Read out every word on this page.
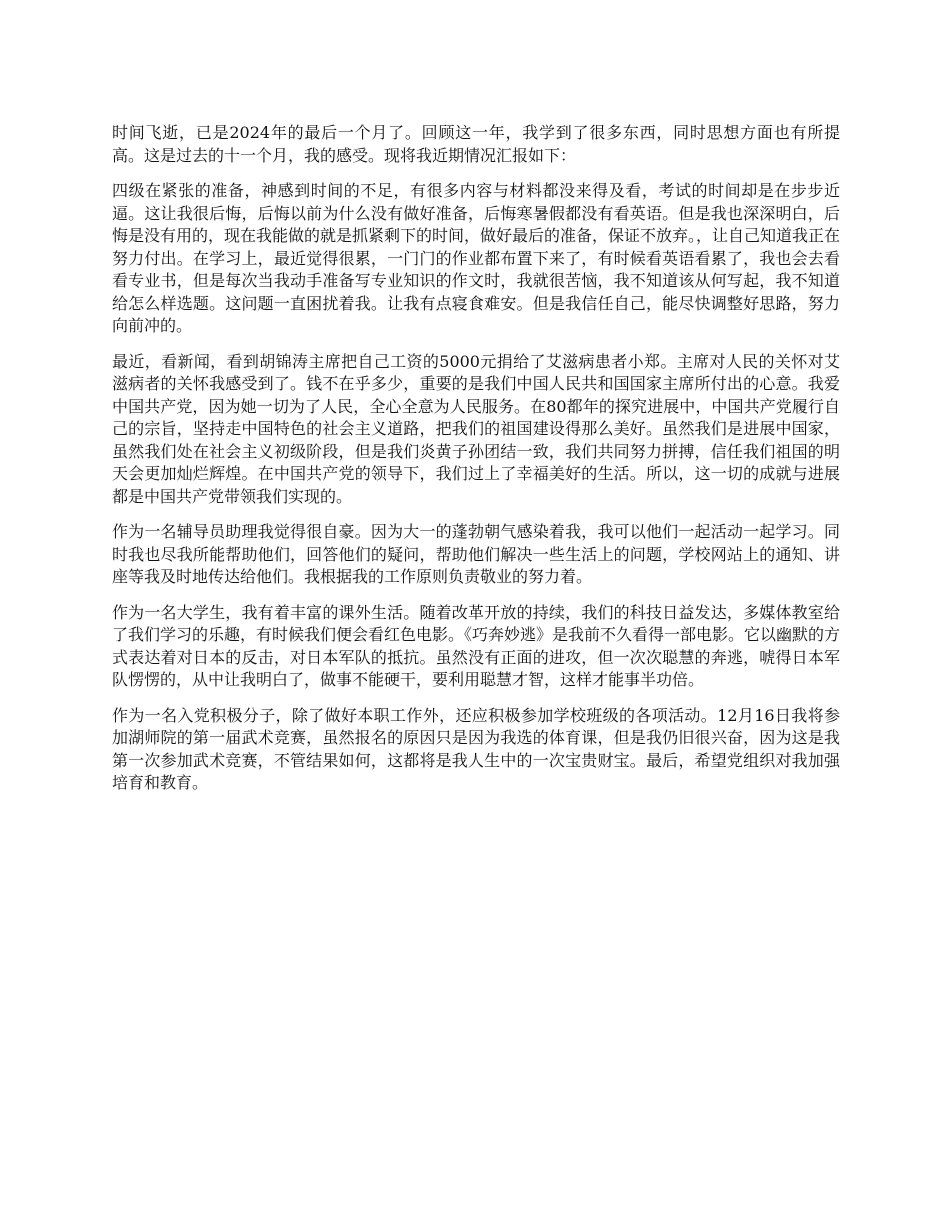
时间飞逝，已是2024年的最后一个月了。回顾这一年，我学到了很多东西，同时思想方面也有所提高。这是过去的十一个月，我的感受。现将我近期情况汇报如下：

四级在紧张的准备，神感到时间的不足，有很多内容与材料都没来得及看，考试的时间却是在步步近逼。这让我很后悔，后悔以前为什么没有做好准备，后悔寒暑假都没有看英语。但是我也深深明白，后悔是没有用的，现在我能做的就是抓紧剩下的时间，做好最后的准备，保证不放弃。，让自己知道我正在努力付出。在学习上，最近觉得很累，一门门的作业都布置下来了，有时候看英语看累了，我也会去看看专业书，但是每次当我动手准备写专业知识的作文时，我就很苦恼，我不知道该从何写起，我不知道给怎么样选题。这问题一直困扰着我。让我有点寝食难安。但是我信任自己，能尽快调整好思路，努力向前冲的。

最近，看新闻，看到胡锦涛主席把自己工资的5000元捐给了艾滋病患者小郑。主席对人民的关怀对艾滋病者的关怀我感受到了。钱不在乎多少，重要的是我们中国人民共和国国家主席所付出的心意。我爱中国共产党，因为她一切为了人民，全心全意为人民服务。在80都年的探究进展中，中国共产党履行自己的宗旨，坚持走中国特色的社会主义道路，把我们的祖国建设得那么美好。虽然我们是进展中国家，虽然我们处在社会主义初级阶段，但是我们炎黄子孙团结一致，我们共同努力拼搏，信任我们祖国的明天会更加灿烂辉煌。在中国共产党的领导下，我们过上了幸福美好的生活。所以，这一切的成就与进展都是中国共产党带领我们实现的。

作为一名辅导员助理我觉得很自豪。因为大一的蓬勃朝气感染着我，我可以他们一起活动一起学习。同时我也尽我所能帮助他们，回答他们的疑问，帮助他们解决一些生活上的问题，学校网站上的通知、讲座等我及时地传达给他们。我根据我的工作原则负责敬业的努力着。

作为一名大学生，我有着丰富的课外生活。随着改革开放的持续，我们的科技日益发达，多媒体教室给了我们学习的乐趣，有时候我们便会看红色电影。《巧奔妙逃》是我前不久看得一部电影。它以幽默的方式表达着对日本的反击，对日本军队的抵抗。虽然没有正面的进攻，但一次次聪慧的奔逃，唬得日本军队愣愣的，从中让我明白了，做事不能硬干，要利用聪慧才智，这样才能事半功倍。

作为一名入党积极分子，除了做好本职工作外，还应积极参加学校班级的各项活动。12月16日我将参加湖师院的第一届武术竞赛，虽然报名的原因只是因为我选的体育课，但是我仍旧很兴奋，因为这是我第一次参加武术竞赛，不管结果如何，这都将是我人生中的一次宝贵财宝。最后，希望党组织对我加强培育和教育。
